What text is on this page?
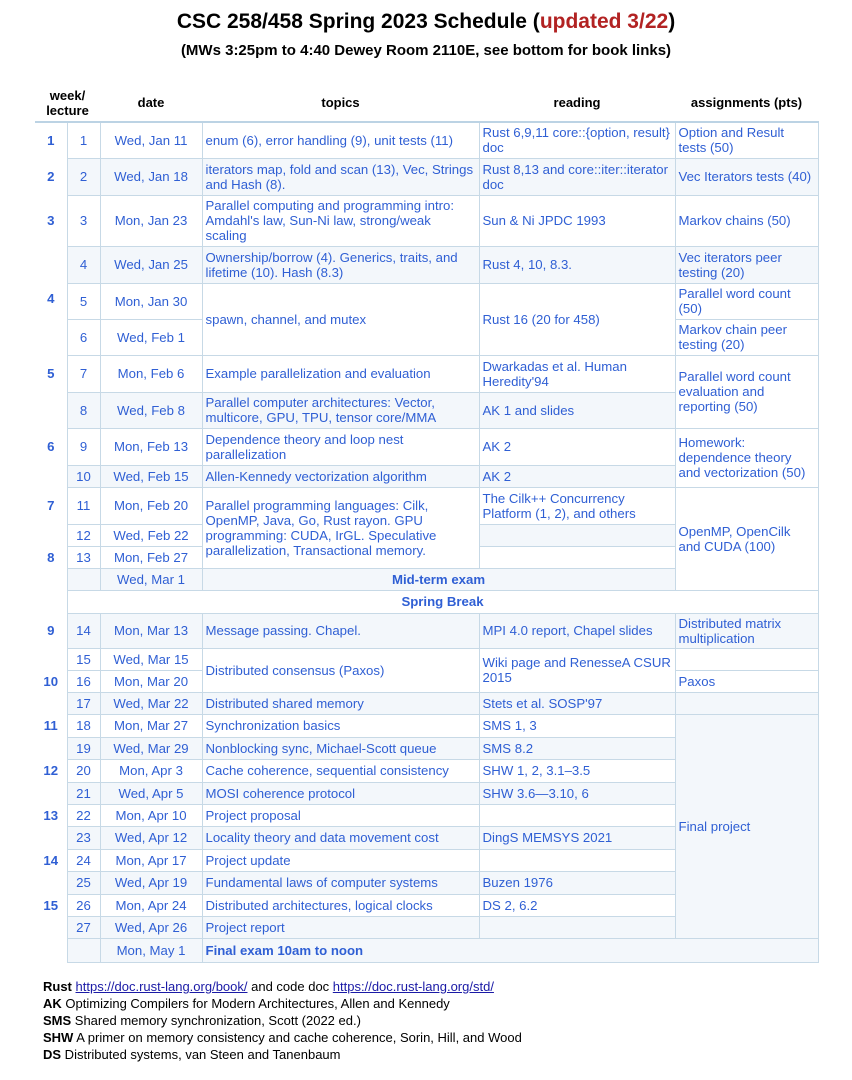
CSC 258/458 Spring 2023 Schedule (updated 3/22)
(MWs 3:25pm to 4:40 Dewey Room 2110E, see bottom for book links)
week/
lecture		date	topics	reading	assignments (pts)
1	1	Wed, Jan 11	enum (6), error handling (9), unit tests (11)	Rust 6,9,11 core::{option, result} doc	Option and Result tests (50)
2	2	Wed, Jan 18	iterators map, fold and scan (13), Vec, Strings and Hash (8).	Rust 8,13 and core::iter::iterator doc	Vec Iterators tests (40)
3	3	Mon, Jan 23	Parallel computing and programming intro: Amdahl's law, Sun-Ni law, strong/weak scaling	Sun & Ni JPDC 1993	Markov chains (50)
	4	Wed, Jan 25	Ownership/borrow (4). Generics, traits, and lifetime (10). Hash (8.3)	Rust 4, 10, 8.3.	Vec iterators peer testing (20)
4	5	Mon, Jan 30	spawn, channel, and mutex	Rust 16 (20 for 458)	Parallel word count (50)
	6	Wed, Feb 1			Markov chain peer testing (20)
5	7	Mon, Feb 6	Example parallelization and evaluation	Dwarkadas et al. Human Heredity'94	Parallel word count evaluation and reporting (50)
	8	Wed, Feb 8	Parallel computer architectures: Vector, multicore, GPU, TPU, tensor core/MMA	AK 1 and slides	
6	9	Mon, Feb 13	Dependence theory and loop nest parallelization	AK 2	Homework: dependence theory and vectorization (50)
	10	Wed, Feb 15	Allen-Kennedy vectorization algorithm	AK 2	
7	11	Mon, Feb 20	Parallel programming languages: Cilk, OpenMP, Java, Go, Rust rayon. GPU programming: CUDA, IrGL. Speculative parallelization, Transactional memory.	The Cilk++ Concurrency Platform (1, 2), and others	OpenMP, OpenCilk and CUDA (100)
	12	Wed, Feb 22			
8	13	Mon, Feb 27			
		Wed, Mar 1	Mid-term exam		
	Spring Break				
9	14	Mon, Mar 13	Message passing. Chapel.	MPI 4.0 report, Chapel slides	Distributed matrix multiplication
	15	Wed, Mar 15	Distributed consensus (Paxos)	Wiki page and RenesseA CSUR 2015	
10	16	Mon, Mar 20			Paxos
	17	Wed, Mar 22	Distributed shared memory	Stets et al. SOSP'97	
11	18	Mon, Mar 27	Synchronization basics	SMS 1, 3	Final project
	19	Wed, Mar 29	Nonblocking sync, Michael-Scott queue	SMS 8.2	
12	20	Mon, Apr 3	Cache coherence, sequential consistency	SHW 1, 2, 3.1–3.5	
	21	Wed, Apr 5	MOSI coherence protocol	SHW 3.6—3.10, 6	
13	22	Mon, Apr 10	Project proposal		
	23	Wed, Apr 12	Locality theory and data movement cost	DingS MEMSYS 2021	
14	24	Mon, Apr 17	Project update		
	25	Wed, Apr 19	Fundamental laws of computer systems	Buzen 1976	
15	26	Mon, Apr 24	Distributed architectures, logical clocks	DS 2, 6.2	
	27	Wed, Apr 26	Project report		
		Mon, May 1	Final exam 10am to noon		
Rust https://doc.rust-lang.org/book/ and code doc https://doc.rust-lang.org/std/
AK Optimizing Compilers for Modern Architectures, Allen and Kennedy
SMS Shared memory synchronization, Scott (2022 ed.)
SHW A primer on memory consistency and cache coherence, Sorin, Hill, and Wood
DS Distributed systems, van Steen and Tanenbaum
